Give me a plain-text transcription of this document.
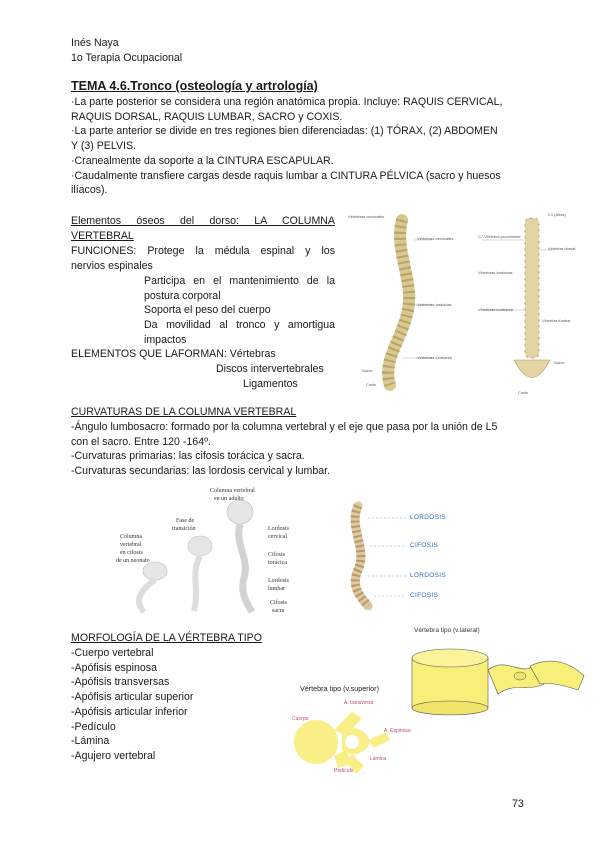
Inés Naya
1o Terapia Ocupacional
TEMA 4.6.Tronco (osteología y artrología)
·La parte posterior se considera una región anatómica propia. Incluye: RAQUIS CERVICAL,
RAQUIS DORSAL, RAQUIS LUMBAR, SACRO y COXIS.
·La parte anterior se divide en tres regiones bien diferenciadas: (1) TÓRAX, (2) ABDOMEN
Y (3) PELVIS.
·Cranealmente da soporte a la CINTURA ESCAPULAR.
·Caudalmente transfiere cargas desde raquis lumbar a CINTURA PÉLVICA (sacro y huesos
ilíacos).
Elementos óseos del dorso: LA COLUMNA
VERTEBRAL
FUNCIONES: Protege la médula espinal y los
nervios espinales
Participa en el mantenimiento de la
postura corporal
Soporta el peso del cuerpo
Da movilidad al tronco y amortigua
impactos
ELEMENTOS QUE LAFORMAN: Vértebras
Discos intervertebrales
Ligamentos
Vértebras cervicales
Vértebras cervicales
Vértebras torácicas
Vértebras lumbares
Sacro
Coxis
C1 (Atlas)
C7 Vértebra prominente
Vértebra dorsal
Vértebras lumbares
Sacro
Coxis
Vértebra lumbar
Vértebras torácicas
CURVATURAS DE LA COLUMNA VERTEBRAL
-Ángulo lumbosacro: formado por la columna vertebral y el eje que pasa por la unión de L5
con el sacro. Entre 120 -164º.
-Curvaturas primarias: las cifosis torácica y sacra.
-Curvaturas secundarias: las lordosis cervical y lumbar.
Columna vertebral
en un adulto
Fase de
transición
Columna
vertebral
en cifosis
de un neonato
Lordosis
cervical
Cifosis
torácica
Lordosis
lumbar
Cifosis
sacra
LORDOSIS
CIFOSIS
LORDOSIS
CIFOSIS
MORFOLOGÍA DE LA VÉRTEBRA TIPO
-Cuerpo vertebral
-Apófisis espinosa
-Apófisis transversas
-Apófisis articular superior
-Apófisis articular inferior
-Pedículo
-Lámina
-Agujero vertebral
Vértebra tipo (v.lateral)
Vértebra tipo (v.superior)
A. transversa
Cuerpo
A. Espinosa
Lámina
Pedículo
73
